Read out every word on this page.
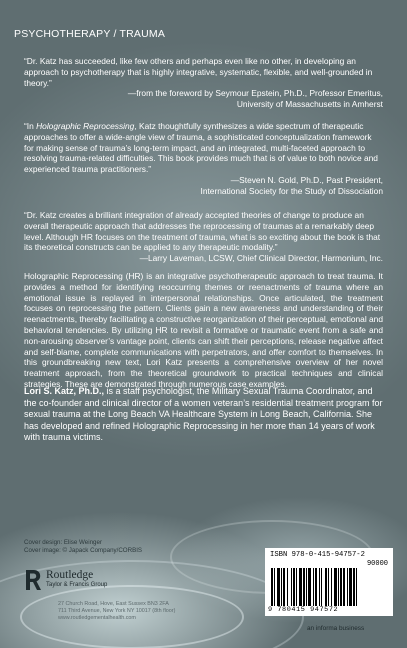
PSYCHOTHERAPY / TRAUMA

“Dr. Katz has succeeded, like few others and perhaps even like no other, in developing an approach to psychotherapy that is highly integrative, systematic, flexible, and well-grounded in theory.”

—from the foreword by Seymour Epstein, Ph.D., Professor Emeritus,

University of Massachusetts in Amherst

“In Holographic Reprocessing, Katz thoughtfully synthesizes a wide spectrum of therapeutic approaches to offer a wide-angle view of trauma, a sophisticated conceptualization framework for making sense of trauma’s long-term impact, and an integrated, multi-faceted approach to resolving trauma-related difficulties. This book provides much that is of value to both novice and experienced trauma practitioners.”

—Steven N. Gold, Ph.D., Past President,

International Society for the Study of Dissociation

“Dr. Katz creates a brilliant integration of already accepted theories of change to produce an overall therapeutic approach that addresses the reprocessing of traumas at a remarkably deep level. Although HR focuses on the treatment of trauma, what is so exciting about the book is that its theoretical constructs can be applied to any therapeutic modality.”

—Larry Laveman, LCSW, Chief Clinical Director, Harmonium, Inc.

Holographic Reprocessing (HR) is an integrative psychotherapeutic approach to treat trauma. It provides a method for identifying reoccurring themes or reenactments of trauma where an emotional issue is replayed in interpersonal relationships. Once articulated, the treatment focuses on reprocessing the pattern. Clients gain a new awareness and understanding of their reenactments, thereby facilitating a constructive reorganization of their perceptual, emotional and behavioral tendencies. By utilizing HR to revisit a formative or traumatic event from a safe and non-arousing observer’s vantage point, clients can shift their perceptions, release negative affect and self-blame, complete communications with perpetrators, and offer comfort to themselves. In this groundbreaking new text, Lori Katz presents a comprehensive overview of her novel treatment approach, from the theoretical groundwork to practical techniques and clinical strategies. These are demonstrated through numerous case examples.
Lori S. Katz, Ph.D., is a staff psychologist, the Military Sexual Trauma Coordinator, and the co-founder and clinical director of a women veteran’s residential treatment program for sexual trauma at the Long Beach VA Healthcare System in Long Beach, California. She has developed and refined Holographic Reprocessing in her more than 14 years of work with trauma victims.
Cover design: Elise Weinger
Cover image: © Japack Company/CORBIS
Routledge
Taylor & Francis Group
27 Church Road, Hove, East Sussex BN3 2FA
711 Third Avenue, New York NY 10017 (8th floor)
www.routledgementalhealth.com
ISBN 978-0-415-94757-2
90000
9 780415 947572
an informa business
